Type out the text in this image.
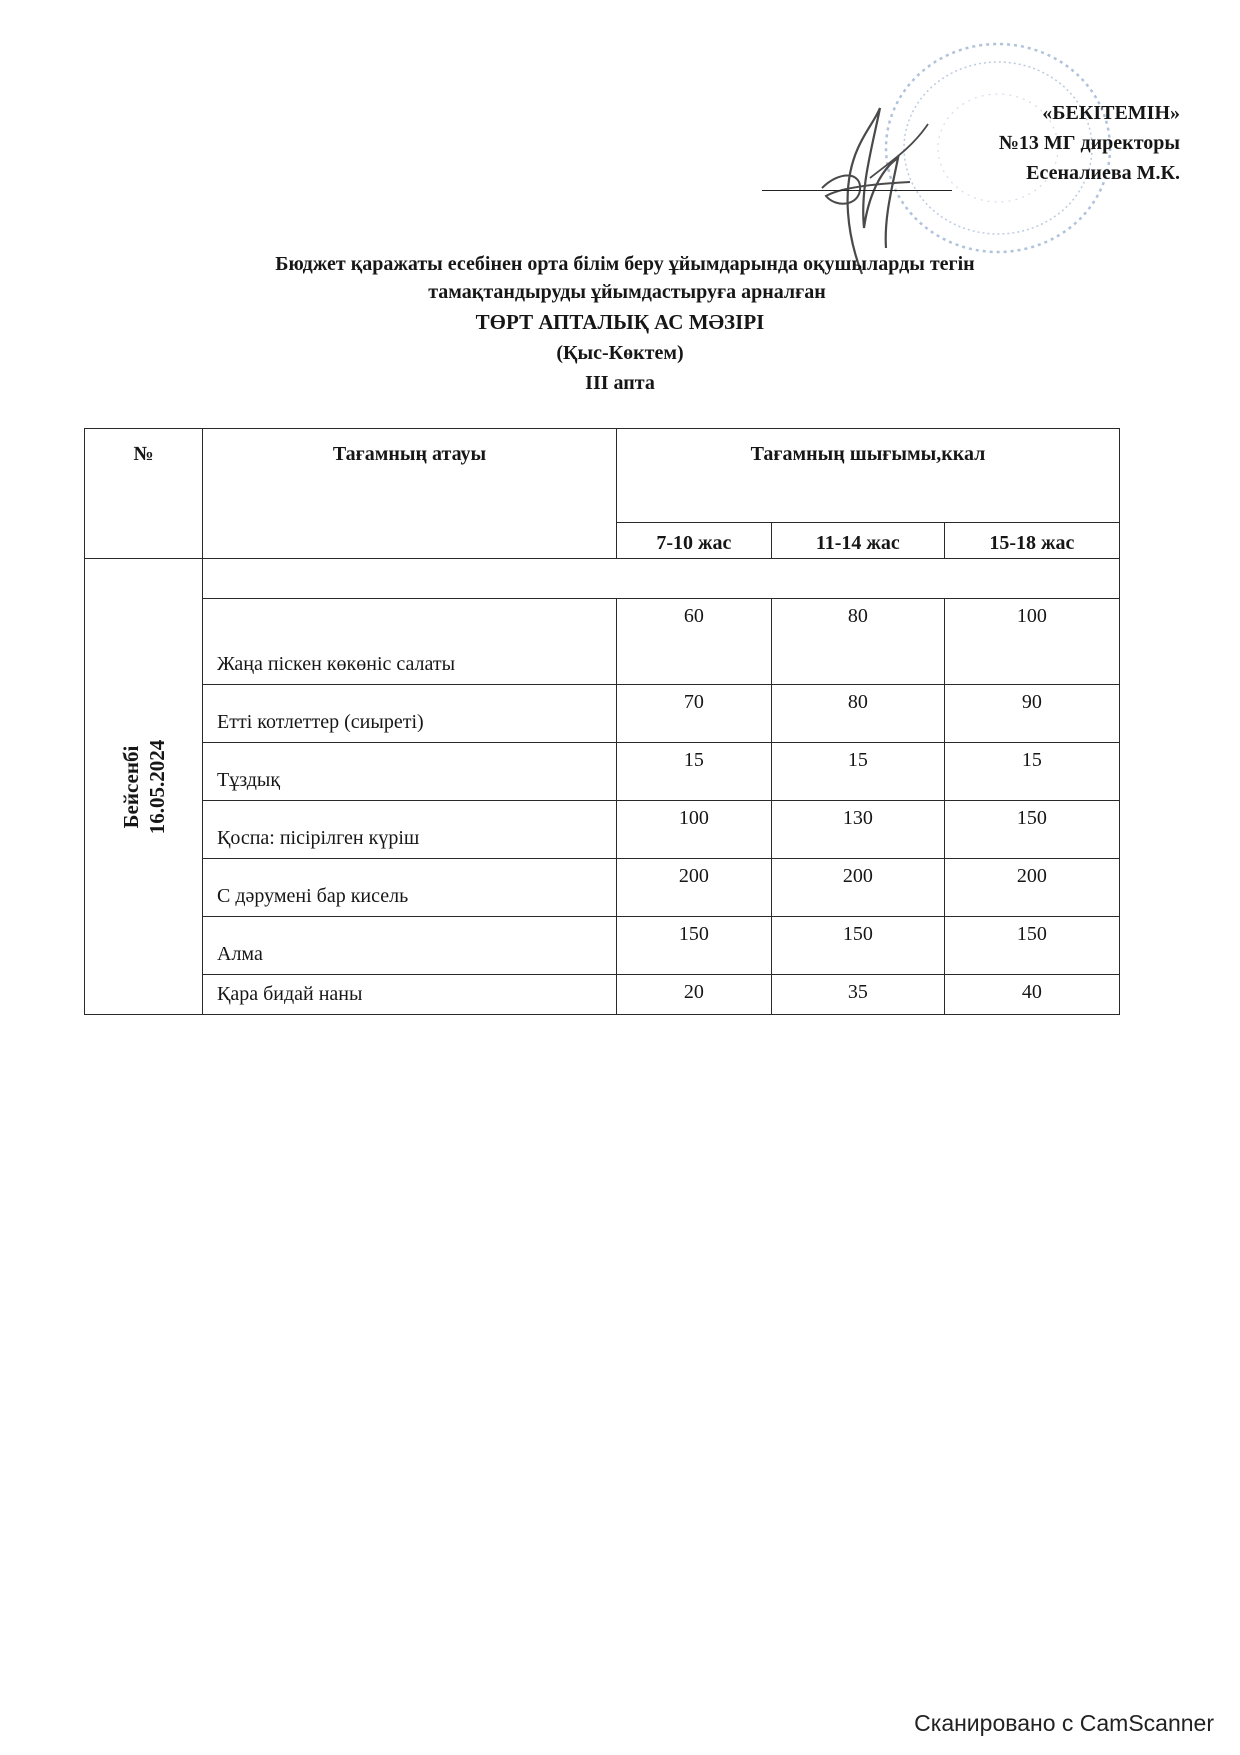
«БЕКІТЕМІН»
№13 МГ директоры
Есеналиева М.К.
Бюджет қаражаты есебінен орта білім беру ұйымдарында оқушыларды тегін
тамақтандыруды ұйымдастыруға арналған
ТӨРТ АПТАЛЫҚ АС МӘЗІРІ
(Қыс-Көктем)
III апта
№	Тағамның атауы	Тағамның шығымы,ккал		
		7-10 жас	11-14 жас	15-18 жас

Бейсенбі 16.05.2024				

	Жаңа піскен көкөніс салаты	60	80	100
	Етті котлеттер (сиыреті)	70	80	90
	Тұздық	15	15	15
	Қоспа: пісірілген күріш	100	130	150
	С дәрумені бар кисель	200	200	200
	Алма	150	150	150
	Қара бидай наны	20	35	40
Сканировано с CamScanner
